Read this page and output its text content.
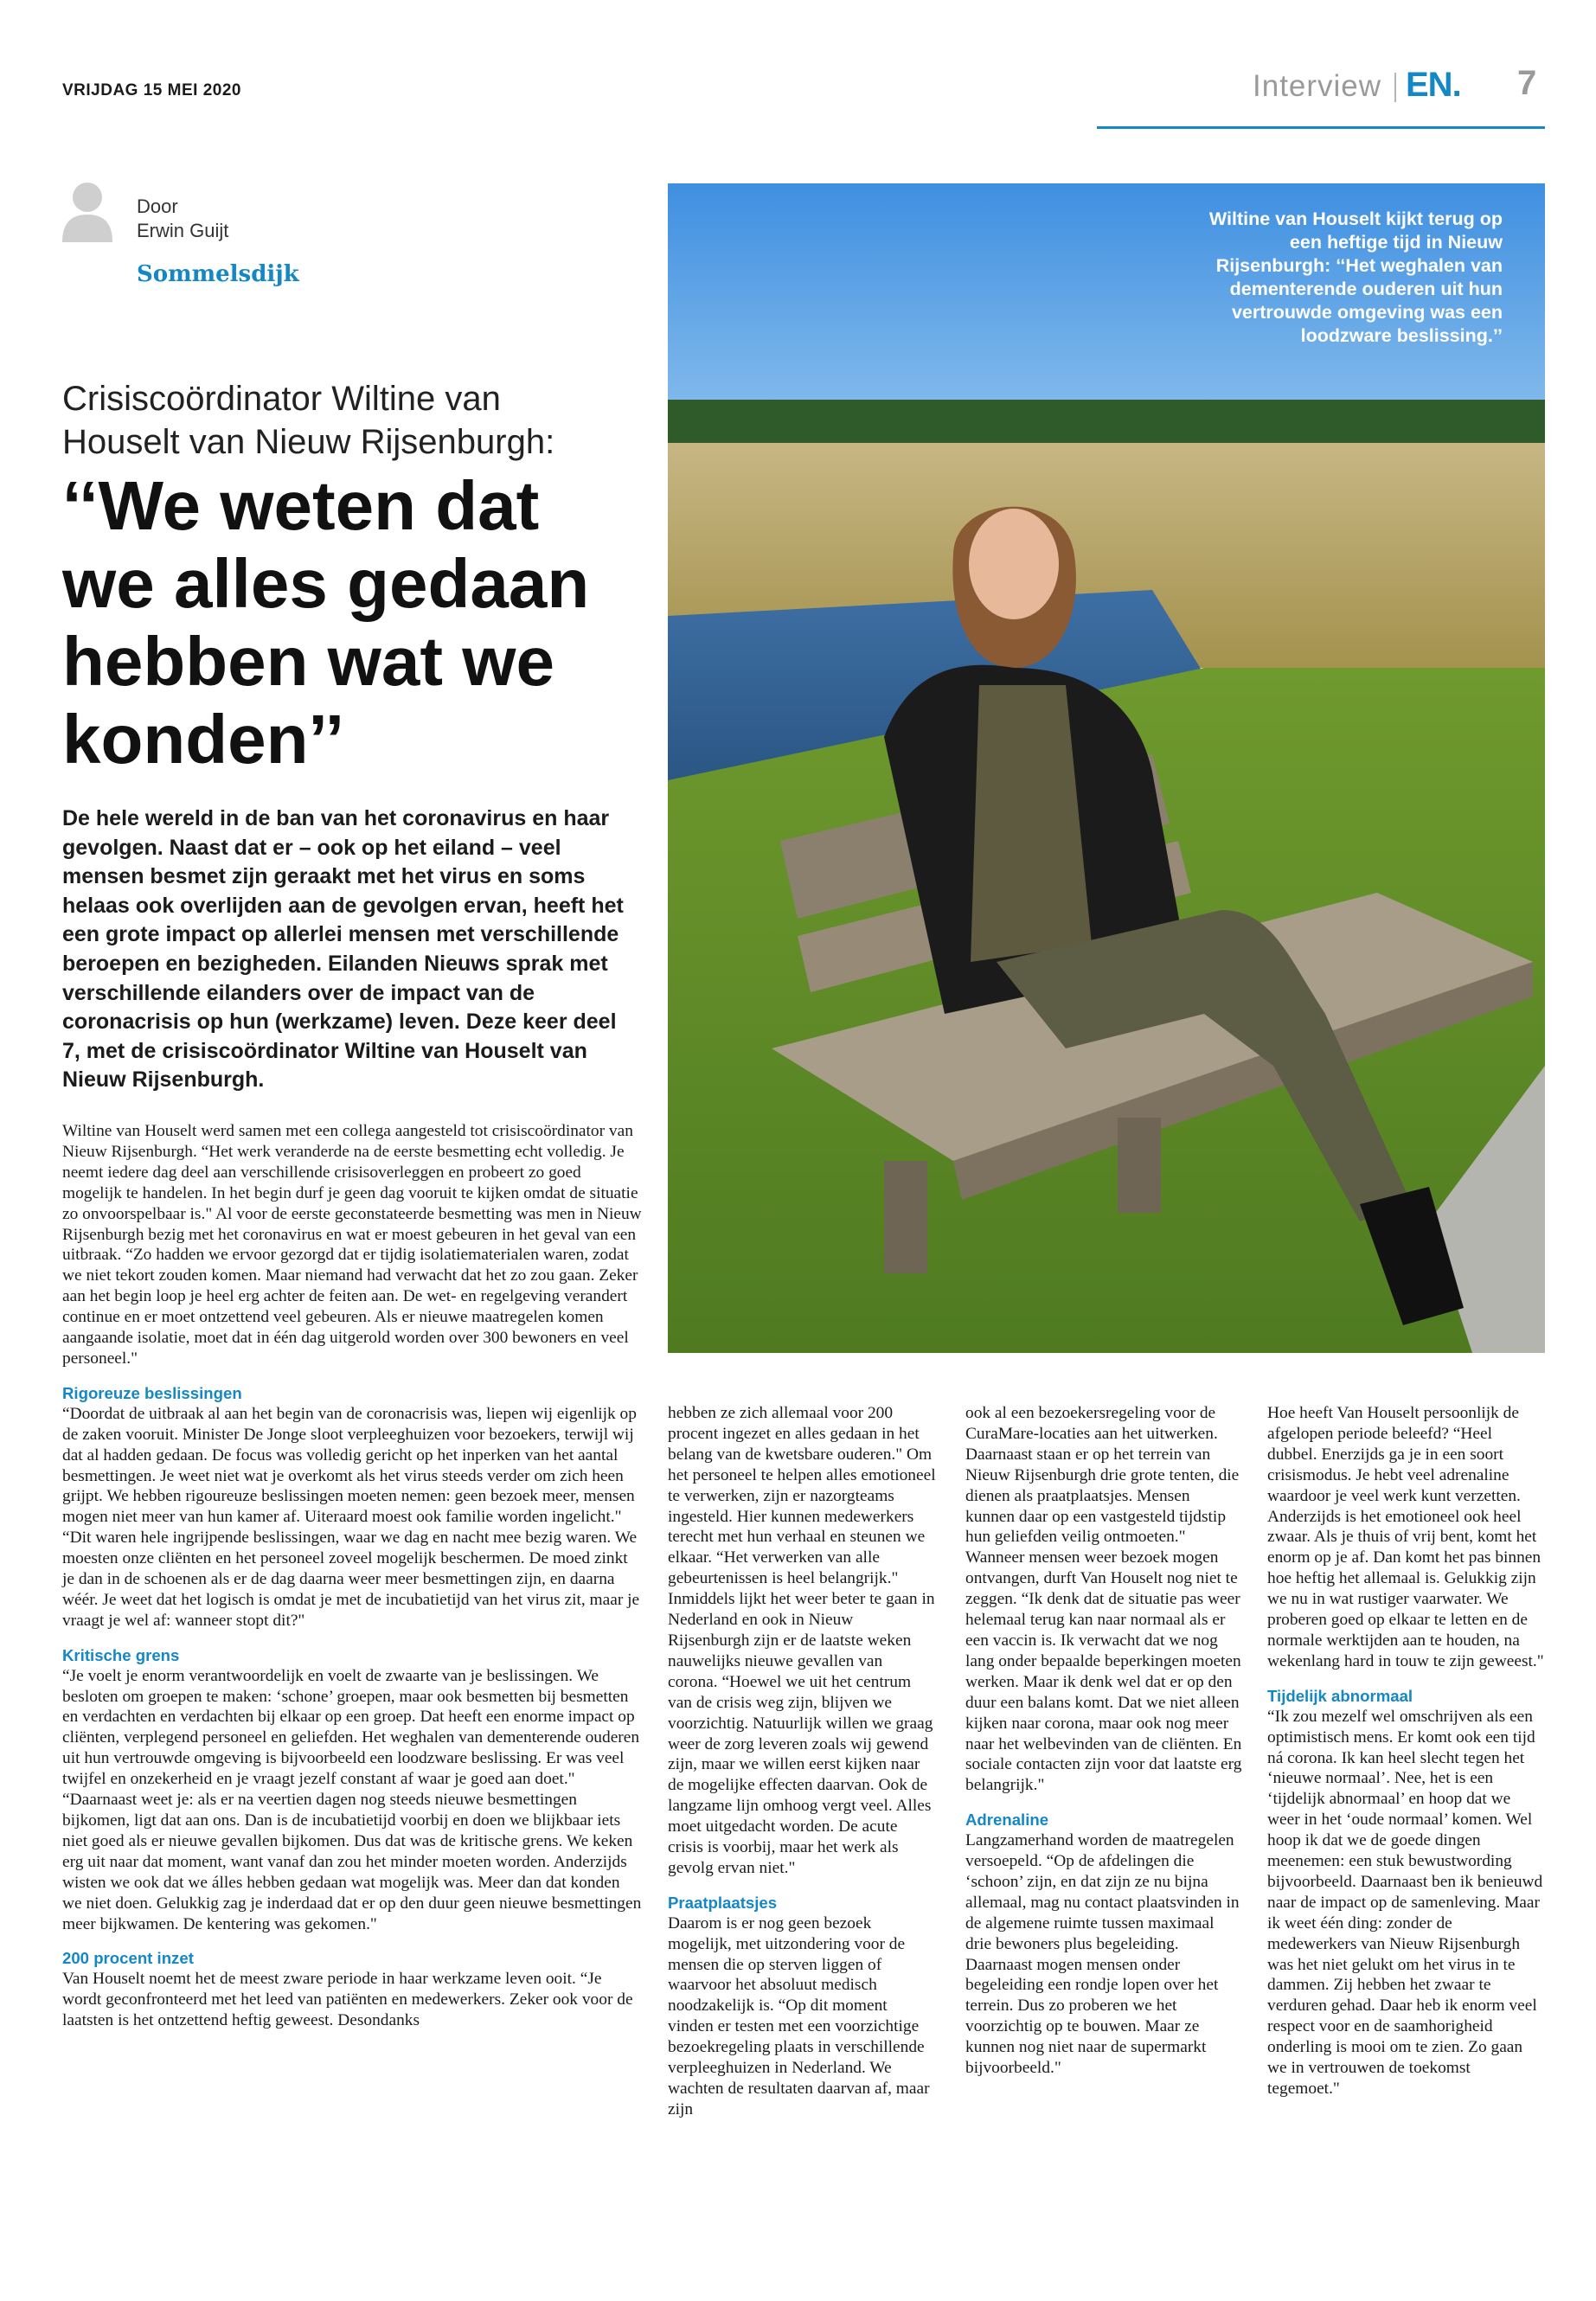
VRIJDAG 15 MEI 2020	Interview EN. 7
Door
Erwin Guijt
Sommelsdijk
Crisiscoördinator Wiltine van Houselt van Nieuw Rijsenburgh:
‘‘We weten dat we alles gedaan hebben wat we konden’’
De hele wereld in de ban van het coronavirus en haar gevolgen. Naast dat er – ook op het eiland – veel mensen besmet zijn geraakt met het virus en soms helaas ook overlijden aan de gevolgen ervan, heeft het een grote impact op allerlei mensen met verschillende beroepen en bezigheden. Eilanden Nieuws sprak met verschillende eilanders over de impact van de coronacrisis op hun (werkzame) leven. Deze keer deel 7, met de crisiscoördinator Wiltine van Houselt van Nieuw Rijsenburgh.
Wiltine van Houselt kijkt terug op een heftige tijd in Nieuw Rijsenburgh: ‘‘Het weghalen van dementerende ouderen uit hun vertrouwde omgeving was een loodzware beslissing.’’

Wiltine van Houselt werd samen met een collega aangesteld tot crisiscoördinator van Nieuw Rijsenburgh. “Het werk veranderde na de eerste besmetting echt volledig. Je neemt iedere dag deel aan verschillende crisisoverleggen en probeert zo goed mogelijk te handelen. In het begin durf je geen dag vooruit te kijken omdat de situatie zo onvoorspelbaar is." Al voor de eerste geconstateerde besmetting was men in Nieuw Rijsenburgh bezig met het coronavirus en wat er moest gebeuren in het geval van een uitbraak. “Zo hadden we ervoor gezorgd dat er tijdig isolatiematerialen waren, zodat we niet tekort zouden komen. Maar niemand had verwacht dat het zo zou gaan. Zeker aan het begin loop je heel erg achter de feiten aan. De wet- en regelgeving verandert continue en er moet ontzettend veel gebeuren. Als er nieuwe maatregelen komen aangaande isolatie, moet dat in één dag uitgerold worden over 300 bewoners en veel personeel."

Rigoreuze beslissingen

“Doordat de uitbraak al aan het begin van de coronacrisis was, liepen wij eigenlijk op de zaken vooruit. Minister De Jonge sloot verpleeghuizen voor bezoekers, terwijl wij dat al hadden gedaan. De focus was volledig gericht op het inperken van het aantal besmettingen. Je weet niet wat je overkomt als het virus steeds verder om zich heen grijpt. We hebben rigoureuze beslissingen moeten nemen: geen bezoek meer, mensen mogen niet meer van hun kamer af. Uiteraard moest ook familie worden ingelicht." “Dit waren hele ingrijpende beslissingen, waar we dag en nacht mee bezig waren. We moesten onze cliënten en het personeel zoveel mogelijk beschermen. De moed zinkt je dan in de schoenen als er de dag daarna weer meer besmettingen zijn, en daarna wéér. Je weet dat het logisch is omdat je met de incubatietijd van het virus zit, maar je vraagt je wel af: wanneer stopt dit?"

Kritische grens

“Je voelt je enorm verantwoordelijk en voelt de zwaarte van je beslissingen. We besloten om groepen te maken: ‘schone’ groepen, maar ook besmetten bij besmetten en verdachten en verdachten bij elkaar op een groep. Dat heeft een enorme impact op cliënten, verplegend personeel en geliefden. Het weghalen van dementerende ouderen uit hun vertrouwde omgeving is bijvoorbeeld een loodzware beslissing. Er was veel twijfel en onzekerheid en je vraagt jezelf constant af waar je goed aan doet." “Daarnaast weet je: als er na veertien dagen nog steeds nieuwe besmettingen bijkomen, ligt dat aan ons. Dan is de incubatietijd voorbij en doen we blijkbaar iets niet goed als er nieuwe gevallen bijkomen. Dus dat was de kritische grens. We keken erg uit naar dat moment, want vanaf dan zou het minder moeten worden. Anderzijds wisten we ook dat we álles hebben gedaan wat mogelijk was. Meer dan dat konden we niet doen. Gelukkig zag je inderdaad dat er op den duur geen nieuwe besmettingen meer bijkwamen. De kentering was gekomen."

200 procent inzet

Van Houselt noemt het de meest zware periode in haar werkzame leven ooit. “Je wordt geconfronteerd met het leed van patiënten en medewerkers. Zeker ook voor de laatsten is het ontzettend heftig geweest. Desondanks

hebben ze zich allemaal voor 200 procent ingezet en alles gedaan in het belang van de kwetsbare ouderen." Om het personeel te helpen alles emotioneel te verwerken, zijn er nazorgteams ingesteld. Hier kunnen medewerkers terecht met hun verhaal en steunen we elkaar. “Het verwerken van alle gebeurtenissen is heel belangrijk."

Inmiddels lijkt het weer beter te gaan in Nederland en ook in Nieuw Rijsenburgh zijn er de laatste weken nauwelijks nieuwe gevallen van corona. “Hoewel we uit het centrum van de crisis weg zijn, blijven we voorzichtig. Natuurlijk willen we graag weer de zorg leveren zoals wij gewend zijn, maar we willen eerst kijken naar de mogelijke effecten daarvan. Ook de langzame lijn omhoog vergt veel. Alles moet uitgedacht worden. De acute crisis is voorbij, maar het werk als gevolg ervan niet."

Praatplaatsjes

Daarom is er nog geen bezoek mogelijk, met uitzondering voor de mensen die op sterven liggen of waarvoor het absoluut medisch noodzakelijk is. “Op dit moment vinden er testen met een voorzichtige bezoekregeling plaats in verschillende verpleeghuizen in Nederland. We wachten de resultaten daarvan af, maar zijn

ook al een bezoekersregeling voor de CuraMare-locaties aan het uitwerken. Daarnaast staan er op het terrein van Nieuw Rijsenburgh drie grote tenten, die dienen als praatplaatsjes. Mensen kunnen daar op een vastgesteld tijdstip hun geliefden veilig ontmoeten."

Wanneer mensen weer bezoek mogen ontvangen, durft Van Houselt nog niet te zeggen. “Ik denk dat de situatie pas weer helemaal terug kan naar normaal als er een vaccin is. Ik verwacht dat we nog lang onder bepaalde beperkingen moeten werken. Maar ik denk wel dat er op den duur een balans komt. Dat we niet alleen kijken naar corona, maar ook nog meer naar het welbevinden van de cliënten. En sociale contacten zijn voor dat laatste erg belangrijk."

Adrenaline

Langzamerhand worden de maatregelen versoepeld. “Op de afdelingen die ‘schoon’ zijn, en dat zijn ze nu bijna allemaal, mag nu contact plaatsvinden in de algemene ruimte tussen maximaal drie bewoners plus begeleiding. Daarnaast mogen mensen onder begeleiding een rondje lopen over het terrein. Dus zo proberen we het voorzichtig op te bouwen. Maar ze kunnen nog niet naar de supermarkt bijvoorbeeld."

Hoe heeft Van Houselt persoonlijk de afgelopen periode beleefd? “Heel dubbel. Enerzijds ga je in een soort crisismodus. Je hebt veel adrenaline waardoor je veel werk kunt verzetten. Anderzijds is het emotioneel ook heel zwaar. Als je thuis of vrij bent, komt het enorm op je af. Dan komt het pas binnen hoe heftig het allemaal is. Gelukkig zijn we nu in wat rustiger vaarwater. We proberen goed op elkaar te letten en de normale werktijden aan te houden, na wekenlang hard in touw te zijn geweest."

Tijdelijk abnormaal

“Ik zou mezelf wel omschrijven als een optimistisch mens. Er komt ook een tijd ná corona. Ik kan heel slecht tegen het ‘nieuwe normaal’. Nee, het is een ‘tijdelijk abnormaal’ en hoop dat we weer in het ‘oude normaal’ komen. Wel hoop ik dat we de goede dingen meenemen: een stuk bewustwording bijvoorbeeld. Daarnaast ben ik benieuwd naar de impact op de samenleving. Maar ik weet één ding: zonder de medewerkers van Nieuw Rijsenburgh was het niet gelukt om het virus in te dammen. Zij hebben het zwaar te verduren gehad. Daar heb ik enorm veel respect voor en de saamhorigheid onderling is mooi om te zien. Zo gaan we in vertrouwen de toekomst tegemoet."
